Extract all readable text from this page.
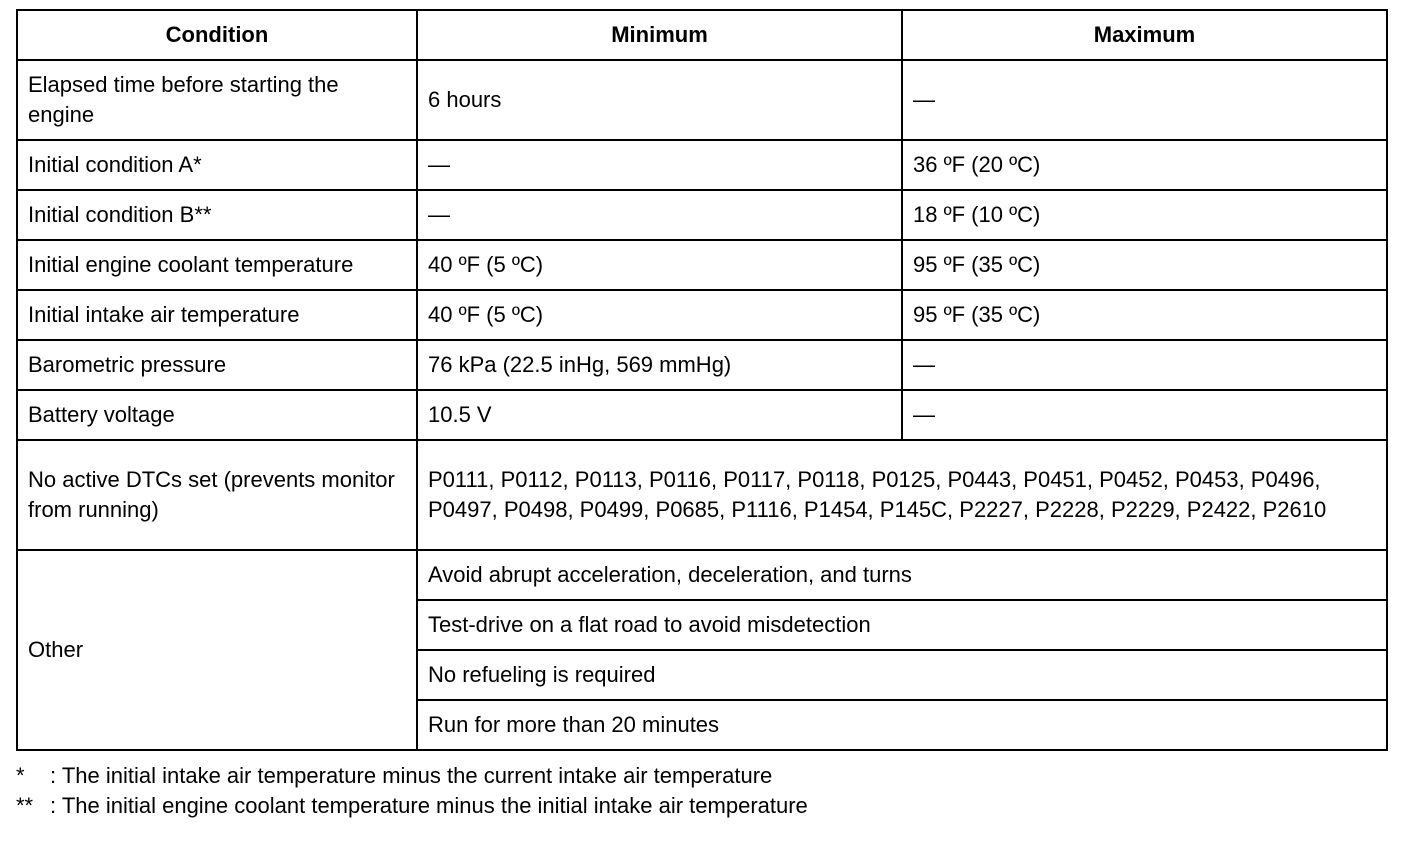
Condition	Minimum	Maximum
Elapsed time before starting the engine	6 hours	—
Initial condition A*	—	36 ºF (20 ºC)
Initial condition B**	—	18 ºF (10 ºC)
Initial engine coolant temperature	40 ºF (5 ºC)	95 ºF (35 ºC)
Initial intake air temperature	40 ºF (5 ºC)	95 ºF (35 ºC)
Barometric pressure	76 kPa (22.5 inHg, 569 mmHg)	—
Battery voltage	10.5 V	—
No active DTCs set (prevents monitor from running)	P0111, P0112, P0113, P0116, P0117, P0118, P0125, P0443, P0451, P0452, P0453, P0496, P0497, P0498, P0499, P0685, P1116, P1454, P145C, P2227, P2228, P2229, P2422, P2610	
Other	Avoid abrupt acceleration, deceleration, and turns	
	Test-drive on a flat road to avoid misdetection	
	No refueling is required	
	Run for more than 20 minutes	
* : The initial intake air temperature minus the current intake air temperature
** : The initial engine coolant temperature minus the initial intake air temperature
